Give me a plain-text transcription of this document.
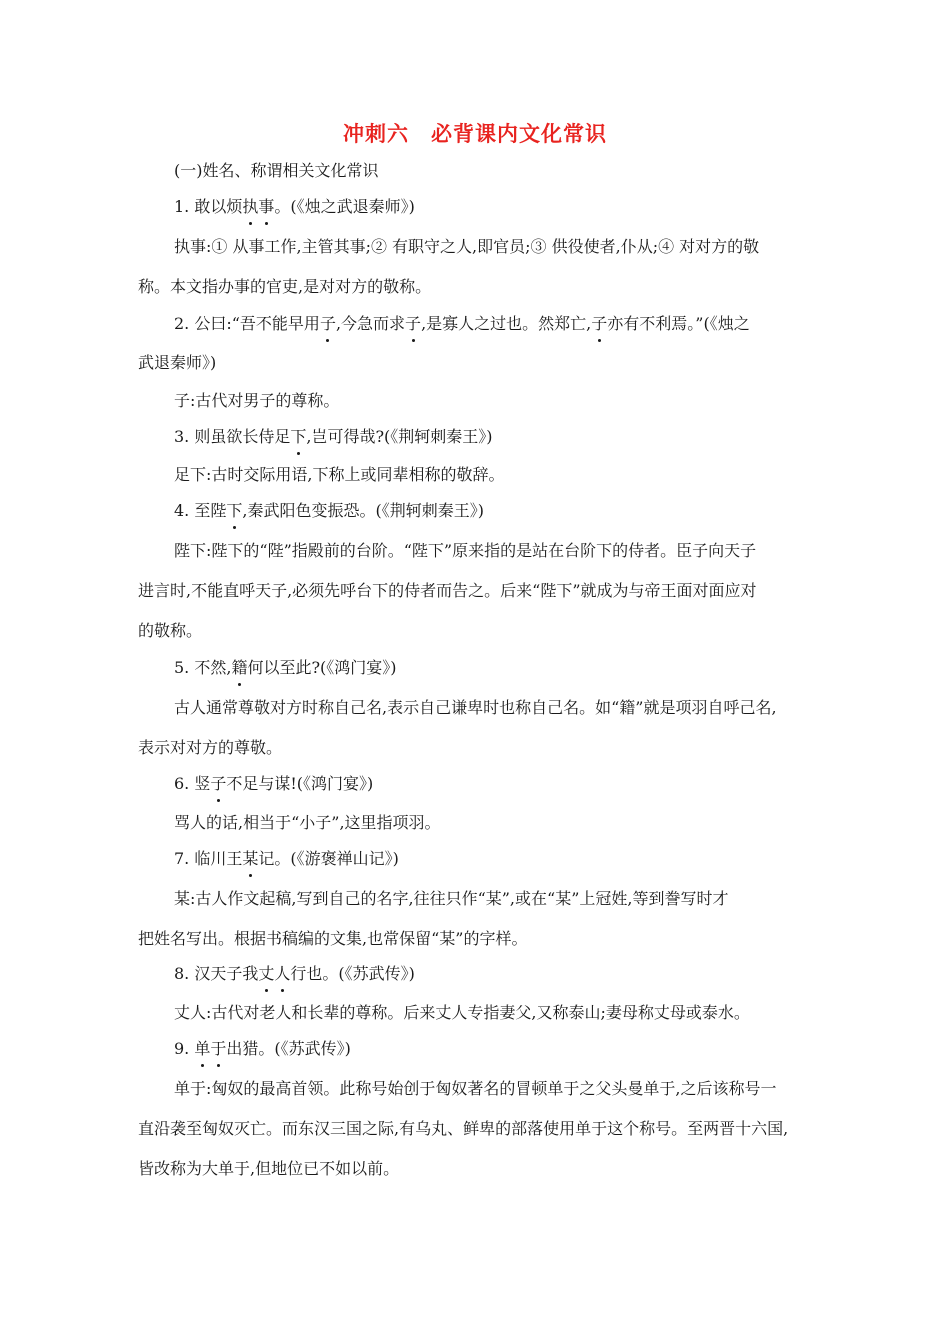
冲刺六　必背课内文化常识
(一)姓名、称谓相关文化常识
1. 敢以烦执事。(《烛之武退秦师》)
执事:① 从事工作,主管其事;② 有职守之人,即官员;③ 供役使者,仆从;④ 对对方的敬
称。本文指办事的官吏,是对对方的敬称。
2. 公曰:“吾不能早用子,今急而求子,是寡人之过也。然郑亡,子亦有不利焉。”(《烛之
武退秦师》)
子:古代对男子的尊称。
3. 则虽欲长侍足下,岂可得哉?(《荆轲刺秦王》)
足下:古时交际用语,下称上或同辈相称的敬辞。
4. 至陛下,秦武阳色变振恐。(《荆轲刺秦王》)
陛下:陛下的“陛”指殿前的台阶。“陛下”原来指的是站在台阶下的侍者。臣子向天子
进言时,不能直呼天子,必须先呼台下的侍者而告之。后来“陛下”就成为与帝王面对面应对
的敬称。
5. 不然,籍何以至此?(《鸿门宴》)
古人通常尊敬对方时称自己名,表示自己谦卑时也称自己名。如“籍”就是项羽自呼己名,
表示对对方的尊敬。
6. 竖子不足与谋!(《鸿门宴》)
骂人的话,相当于“小子”,这里指项羽。
7. 临川王某记。(《游褒禅山记》)
某:古人作文起稿,写到自己的名字,往往只作“某”,或在“某”上冠姓,等到誊写时才
把姓名写出。根据书稿编的文集,也常保留“某”的字样。
8. 汉天子我丈人行也。(《苏武传》)
丈人:古代对老人和长辈的尊称。后来丈人专指妻父,又称泰山;妻母称丈母或泰水。
9. 单于出猎。(《苏武传》)
单于:匈奴的最高首领。此称号始创于匈奴著名的冒顿单于之父头曼单于,之后该称号一
直沿袭至匈奴灭亡。而东汉三国之际,有乌丸、鲜卑的部落使用单于这个称号。至两晋十六国,
皆改称为大单于,但地位已不如以前。
